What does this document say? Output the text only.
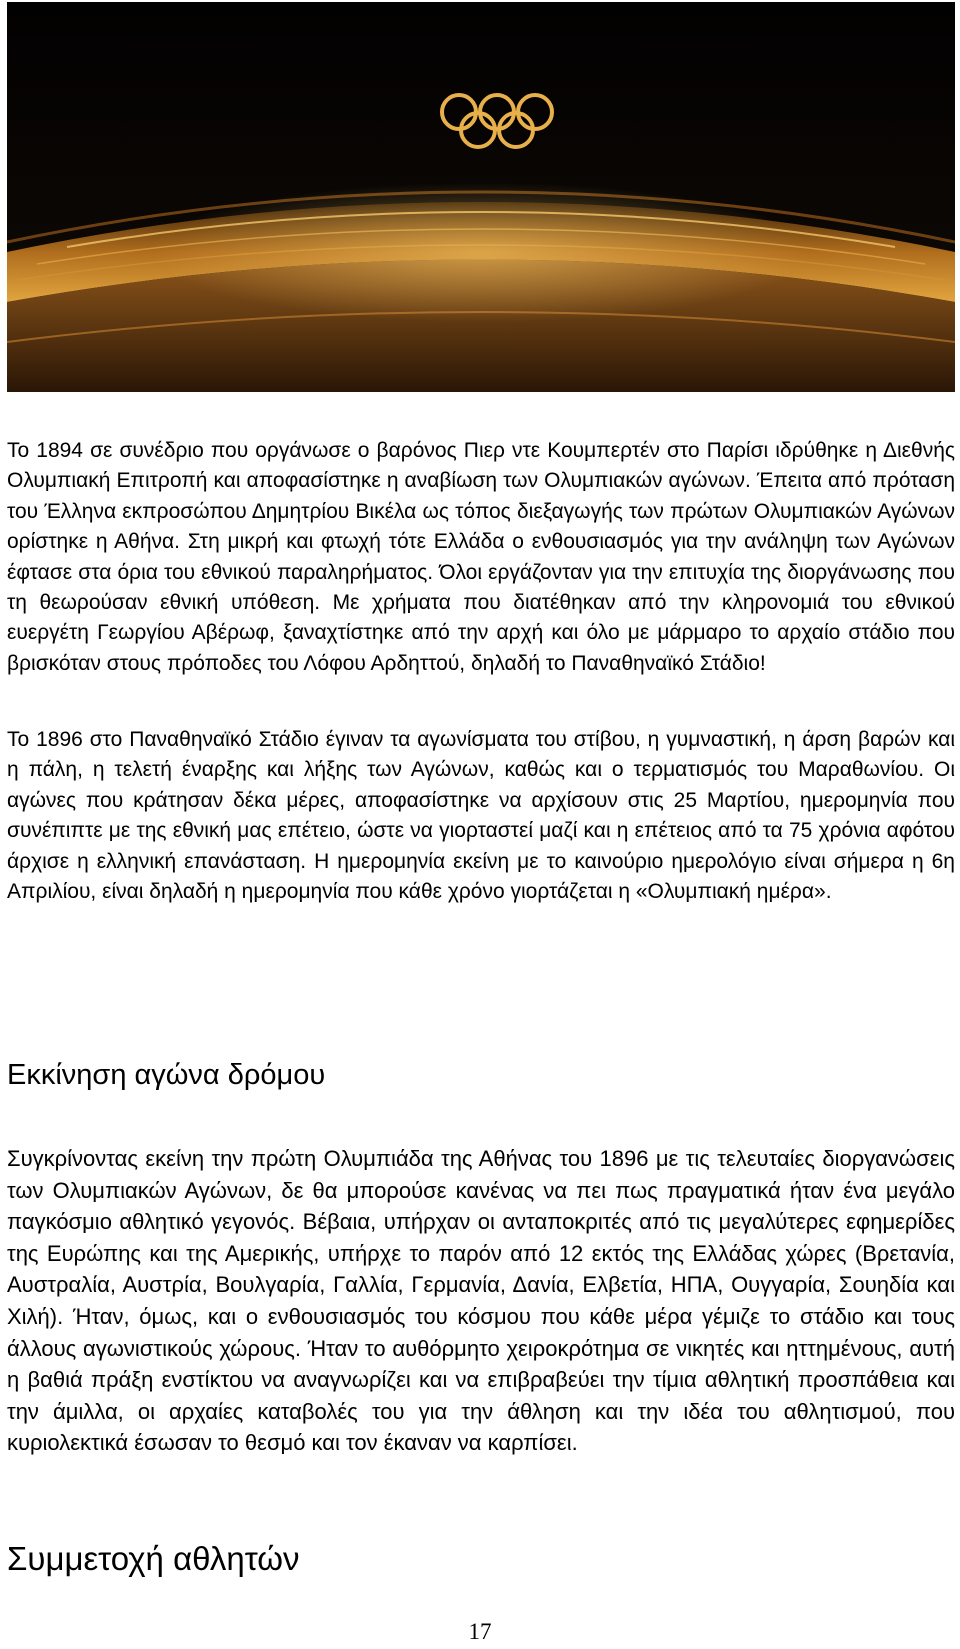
Το 1894 σε συνέδριο που οργάνωσε ο βαρόνος Πιερ ντε Κουμπερτέν στο Παρίσι ιδρύθηκε η Διεθνής Ολυμπιακή Επιτροπή και αποφασίστηκε η αναβίωση των Ολυμπιακών αγώνων. Έπειτα από πρόταση του Έλληνα εκπροσώπου Δημητρίου Βικέλα ως τόπος διεξαγωγής των πρώτων Ολυμπιακών Αγώνων ορίστηκε η Αθήνα. Στη μικρή και φτωχή τότε Ελλάδα ο ενθουσιασμός για την ανάληψη των Αγώνων έφτασε στα όρια του εθνικού παραληρήματος. Όλοι εργάζονταν για την επιτυχία της διοργάνωσης που τη θεωρούσαν εθνική υπόθεση. Με χρήματα που διατέθηκαν από την κληρονομιά του εθνικού ευεργέτη Γεωργίου Αβέρωφ, ξαναχτίστηκε από την αρχή και όλο με μάρμαρο το αρχαίο στάδιο που βρισκόταν στους πρόποδες του Λόφου Αρδηττού, δηλαδή το Παναθηναϊκό Στάδιο!

Το 1896 στο Παναθηναϊκό Στάδιο έγιναν τα αγωνίσματα του στίβου, η γυμναστική, η άρση βαρών και η πάλη, η τελετή έναρξης και λήξης των Αγώνων, καθώς και ο τερματισμός του Μαραθωνίου. Οι αγώνες που κράτησαν δέκα μέρες, αποφασίστηκε να αρχίσουν στις 25 Μαρτίου, ημερομηνία που συνέπιπτε με της εθνική μας επέτειο, ώστε να γιορταστεί μαζί και η επέτειος από τα 75 χρόνια αφότου άρχισε η ελληνική επανάσταση. Η ημερομηνία εκείνη με το καινούριο ημερολόγιο είναι σήμερα η 6η Απριλίου, είναι δηλαδή η ημερομηνία που κάθε χρόνο γιορτάζεται η «Ολυμπιακή ημέρα».

Εκκίνηση αγώνα δρόμου

Συγκρίνοντας εκείνη την πρώτη Ολυμπιάδα της Αθήνας του 1896 με τις τελευταίες διοργανώσεις των Ολυμπιακών Αγώνων, δε θα μπορούσε κανένας να πει πως πραγματικά ήταν ένα μεγάλο παγκόσμιο αθλητικό γεγονός. Βέβαια, υπήρχαν οι ανταποκριτές από τις μεγαλύτερες εφημερίδες της Ευρώπης και της Αμερικής, υπήρχε το παρόν από 12 εκτός της Ελλάδας χώρες (Βρετανία, Αυστραλία, Αυστρία, Βουλγαρία, Γαλλία, Γερμανία, Δανία, Ελβετία, ΗΠΑ, Ουγγαρία, Σουηδία και Χιλή). Ήταν, όμως, και ο ενθουσιασμός του κόσμου που κάθε μέρα γέμιζε το στάδιο και τους άλλους αγωνιστικούς χώρους. Ήταν το αυθόρμητο χειροκρότημα σε νικητές και ηττημένους, αυτή η βαθιά πράξη ενστίκτου να αναγνωρίζει και να επιβραβεύει την τίμια αθλητική προσπάθεια και την άμιλλα, οι αρχαίες καταβολές του για την άθληση και την ιδέα του αθλητισμού, που κυριολεκτικά έσωσαν το θεσμό και τον έκαναν να καρπίσει.

Συμμετοχή αθλητών
17
